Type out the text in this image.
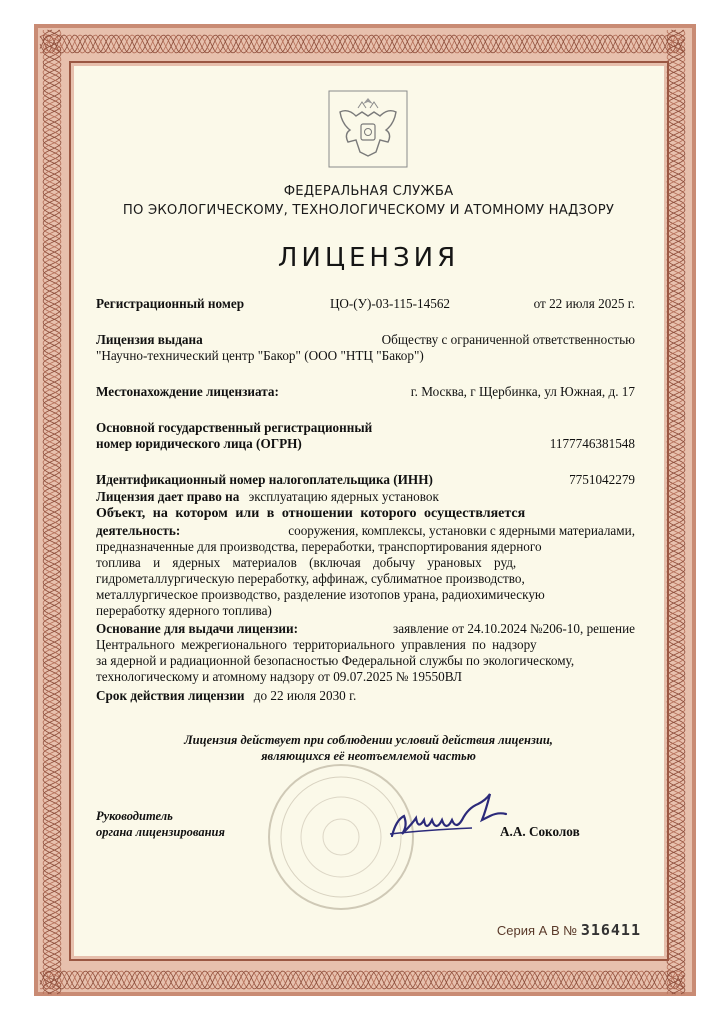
ФЕДЕРАЛЬНАЯ СЛУЖБА
ПО ЭКОЛОГИЧЕСКОМУ, ТЕХНОЛОГИЧЕСКОМУ И АТОМНОМУ НАДЗОРУ
ЛИЦЕНЗИЯ
Регистрационный номер	ЦО-(У)-03-115-14562	от 22 июля 2025 г.
Лицензия выдана	Обществу с ограниченной ответственностью
"Научно-технический центр "Бакор" (ООО "НТЦ "Бакор")
Местонахождение лицензиата:	г. Москва, г Щербинка, ул Южная, д. 17
Основной государственный регистрационный
номер юридического лица (ОГРН)	1177746381548
Идентификационный номер налогоплательщика (ИНН)	7751042279
Лицензия дает право на эксплуатацию ядерных установок
Объект, на котором или в отношении которого осуществляется
деятельность:	сооружения, комплексы, установки с ядерными материалами,
предназначенные для производства, переработки, транспортирования ядерного
топлива и ядерных материалов (включая добычу урановых руд,
гидрометаллургическую переработку, аффинаж, сублиматное производство,
металлургическое производство, разделение изотопов урана, радиохимическую
переработку ядерного топлива)
Основание для выдачи лицензии:	заявление от 24.10.2024 №206-10, решение
Центрального межрегионального территориального управления по надзору
за ядерной и радиационной безопасностью Федеральной службы по экологическому,
технологическому и атомному надзору от 09.07.2025 № 19550ВЛ
Срок действия лицензии до 22 июля 2030 г.
Лицензия действует при соблюдении условий действия лицензии,
являющихся её неотъемлемой частью
Руководитель
органа лицензирования	А.А. Соколов
Серия А В № 316411
